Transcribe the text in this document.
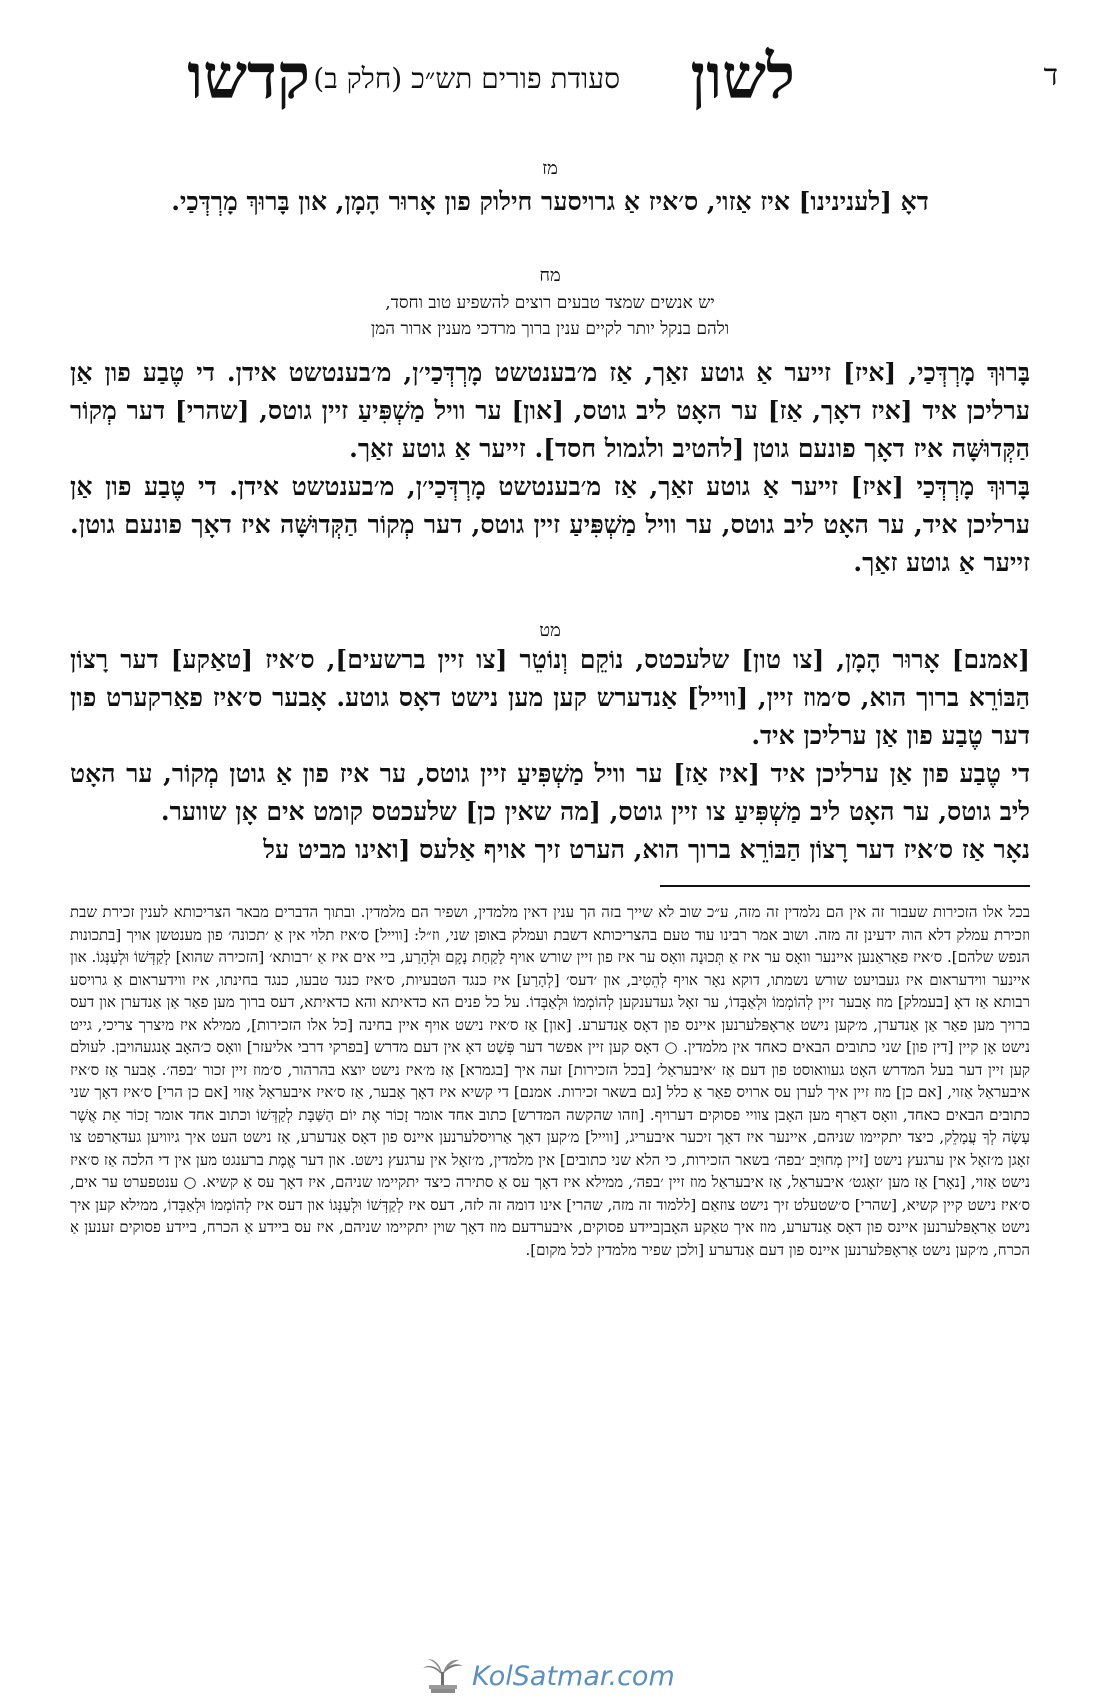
ד
לשון
סעודת פורים תש״כ (חלק ב)
קדשו

מז

דאָ [לענינינו] איז אַזוי, ס׳איז אַ גרויסער חילוק פון אָרוּר הָמָן, און בָּרוּךְ מָרְדְּכַי.

מח

יש אנשים שמצד טבעים רוצים להשפיע טוב וחסד,
ולהם בנקל יותר לקיים ענין ברוך מרדכי מענין ארור המן

בָּרוּךְ מָרְדְּכַי, [איז] זייער אַ גוטע זאַך, אַז מ׳בענטשט מָרְדְּכַי׳ן, מ׳בענטשט אידן. די טֶבַע פון אַן ערליכן איד [איז דאָך, אַז] ער האָט ליב גוטס, [און] ער וויל מַשְׁפִּיעַ זיין גוטס, [שהרי] דער מְקוֹר הַקְּדוּשָּׁה איז דאָך פונעם גוטן [להטיב ולגמול חסד]. זייער אַ גוטע זאַך.

בָּרוּךְ מָרְדְּכַי [איז] זייער אַ גוטע זאַך, אַז מ׳בענטשט מָרְדְּכַי׳ן, מ׳בענטשט אידן. די טֶבַע פון אַן ערליכן איד, ער האָט ליב גוטס, ער וויל מַשְׁפִּיעַ זיין גוטס, דער מְקוֹר הַקְּדוּשָּׁה איז דאָך פונעם גוטן. זייער אַ גוטע זאַך.

מט

[אמנם] אָרוּר הָמָן, [צו טון] שלעכטס, נוֹקֵם וְנוֹטֵר [צו זיין ברשעים], ס׳איז [טאַקע] דער רָצוֹן הַבּוֹרֵא ברוך הוא, ס׳מוז זיין, [ווייל] אַנדערש קען מען נישט דאָס גוטע. אָבער ס׳איז פאַרקערט פון דער טֶבַע פון אַן ערליכן איד.

די טֶבַע פון אַן ערליכן איד [איז אַז] ער וויל מַשְׁפִּיעַ זיין גוטס, ער איז פון אַ גוטן מְקוֹר, ער האָט ליב גוטס, ער האָט ליב מַשְׁפִּיעַ צו זיין גוטס, [מה שאין כן] שלעכטס קומט אים אָן שווער.

נאָר אַז ס׳איז דער רָצוֹן הַבּוֹרֵא ברוך הוא, הערט זיך אויף אַלעס [ואינו מביט על

בכל אלו הזכירות שעבור זה אין הם נלמדין זה מזה, ע״כ שוב לא שייך בזה הך ענין דאין מלמדין, ושפיר הם מלמדין. ובתוך הדברים מבאר הצריכותא לענין זכירת שבת וזכירת עמלק דלא הוה ידעינן זה מזה. ושוב אמר רבינו עוד טעם בהצריכותא דשבת ועמלק באופן שני, וז״ל: [ווייל] ס׳איז תלוי אין אַ ׳תכונה׳ פון מענטשן אויך [בתכונות הנפש שלהם]. ס׳איז פאַראַנען איינער וואָס ער איז אַ תְּכוּנָה וואָס ער איז פון זיין שורש אויף לָקַחַת נָקָם וּלְהָרַע, ביי אים איז אַ ׳רבותא׳ [הזכירה שהוא] לְקַדְּשׁוֹ וּלְעַנְּגוֹ. און איינער ווידעראום איז געבויעט שורש נשמתו, דוקא נאָר אויף לְהֵטִיב, און ׳דעס׳ [לְהָרַע] איז כנגד הטבעיות, ס׳איז כנגד טבעו, כנגד בחינתו, איז ווידעראום אַ גרויסע רבותא אַז דאָ [בעמלק] מוז אָבער זיין לְהוֹמְמוֹ וּלְאַבְּדוֹ, ער זאָל געדענקען לְהוֹמְמוֹ וּלְאַבְּדוֹ. על כל פנים הא כדאיתא והא כדאיתא, דעס ברוך מען פאַר אַן אַנדערן און דעס ברויך מען פאַר אַן אַנדערן, מ׳קען נישט אַראָפּלערנען איינס פון דאָס אַנדערע. [און] אַז ס׳איז נישט אויף איין בחינה [כל אלו הזכירות], ממילא איז מיצרך צריכי, גייט נישט אָן קיין [דין פון] שני כתובים הבאים כאחד אין מלמדין. ○ דאָס קען זיין אפשר דער פְּשַׁט דאָ אין דעם מדרש [בפרקי דרבי אליעזר] וואָס כ׳האָב אָנגעהויבן. לעולם קען זיין דער בעל המדרש האָט געוואוסט פון דעם אַז ׳איבעראַל׳ [בכל הזכירות] זעה איך [בגמרא] אַז מ׳איז נישט יוצא בהרהור, ס׳מוז זיין זכור ׳בפה׳. אָבער אַז ס׳איז איבעראַל אַזוי, [אם כן] מוז זיין איך לערן עס ארויס פאַר אַ כלל [גם בשאר זכירות. אמנם] די קשיא איז דאָך אָבער, אַז ס׳איז איבעראַל אַזוי [אם כן הרי] ס׳איז דאָך שני כתובים הבאים כאחד, וואָס דאַרף מען האָבן צוויי פסוקים דערויף. [וזהו שהקשה המדרש] כתוב אחד אומר זָכוֹר אֶת יוֹם הַשַּׁבָּת לְקַדְּשׁוֹ וכתוב אחד אומר זָכוֹר אֵת אֲשֶׁר עָשָׂה לְךָ עֲמָלֵק, כיצד יתקיימו שניהם, איינער איז דאָך זיכער איבעריג, [ווייל] מ׳קען דאָך אַרויסלערנען איינס פון דאָס אַנדערע, אַז נישט העט איך גיוויען געדאַרפט צו זאָגן מ׳זאָל אין ערגעץ נישט [זיין מְחוּיָּב ׳בפה׳ בשאר הזכירות, כי הלא שני כתובים] אין מלמדין, מ׳זאָל אין ערגעץ נישט. און דער אֱמֶת ברענגט מען אין די הלכה אַז ס׳איז נישט אַזוי, [נאָר] אַז מען ׳זאָגט׳ איבעראַל, אַז איבעראַל מוז זיין ׳בפה׳, ממילא איז דאָך עס אַ סתירה כיצד יתקיימו שניהם, איז דאָך עס אַ קשיא. ○ ענטפערט ער אים, ס׳איז נישט קיין קשיא, [שהרי] ס׳שטעלט זיך נישט צוזאַם [ללמוד זה מזה, שהרי] אינו דומה זה לזה, דעס איז לְקַדְּשׁוֹ וּלְעַנְּגוֹ און דעס איז לְהוֹמְמוֹ וּלְאַבְּדוֹ, ממילא קען איך נישט אַראָפּלערנען איינס פון דאָס אַנדערע, מוז איך טאַקע האָבןביידע פסוקים, איבערדעם מוז דאָך שוין יתקיימו שניהם, איז עס ביידע אַ הכרח, ביידע פסוקים זענען אַ הכרח, מ׳קען נישט אַראָפּלערנען איינס פון דעם אַנדערע [ולכן שפיר מלמדין לכל מקום].
KolSatmar.com
